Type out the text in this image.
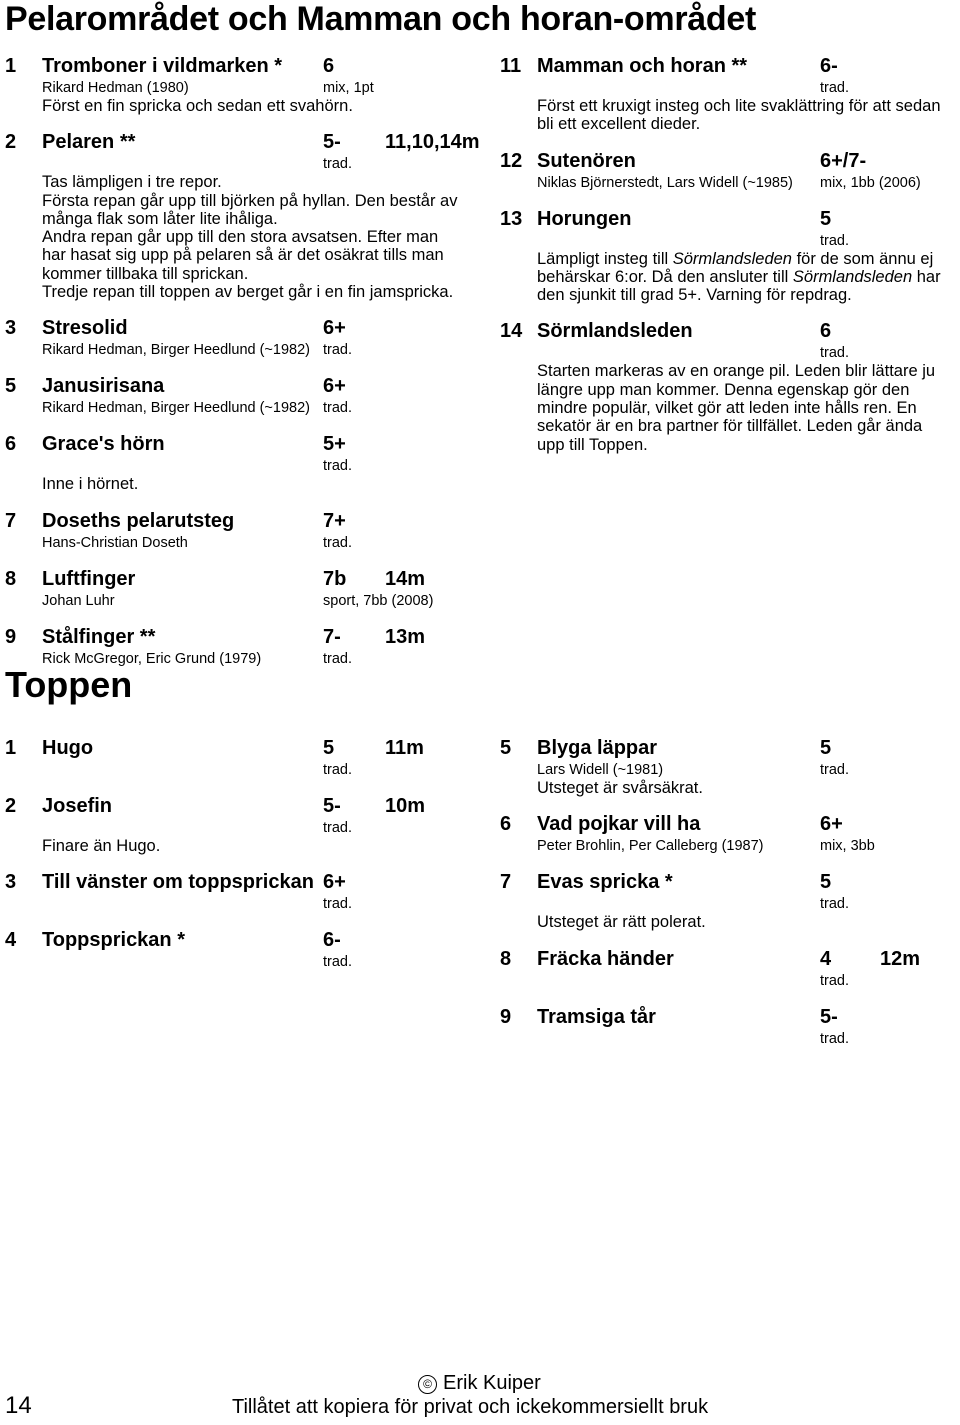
Pelarområdet och Mamman och horan-området
1 Tromboner i vildmarken * 6
Rikard Hedman (1980)	mix, 1pt
Först en fin spricka och sedan ett svahörn.
2 Pelaren **	5- 11,10,14m
trad.
Tas lämpligen i tre repor.
Första repan går upp till björken på hyllan. Den består av många flak som låter lite ihåliga.
Andra repan går upp till den stora avsatsen. Efter man har hasat sig upp på pelaren så är det osäkrat tills man kommer tillbaka till sprickan.
Tredje repan till toppen av berget går i en fin jamspricka.
3 Stresolid	6+
Rikard Hedman, Birger Heedlund (~1982) trad.
5 Janusirisana	6+
Rikard Hedman, Birger Heedlund (~1982) trad.
6 Grace's hörn	5+
trad.
Inne i hörnet.
7 Doseths pelarutsteg	7+
Hans-Christian Doseth	trad.
8 Luftfinger	7b 14m
Johan Luhr	sport, 7bb (2008)
9 Stålfinger **	7- 13m
Rick McGregor, Eric Grund (1979)	trad.
11 Mamman och horan **	6-
trad.
Först ett kruxigt insteg och lite svaklättring för att sedan bli ett excellent dieder.
12 Sutenören	6+/7-
Niklas Björnerstedt, Lars Widell (~1985) mix, 1bb (2006)
13 Horungen	5
trad.
Lämpligt insteg till Sörmlandsleden för de som ännu ej behärskar 6:or. Då den ansluter till Sörmlandsleden har den sjunkit till grad 5+. Varning för repdrag.
14 Sörmlandsleden	6
trad.
Starten markeras av en orange pil. Leden blir lättare ju längre upp man kommer. Denna egenskap gör den mindre populär, vilket gör att leden inte hålls ren. En sekatör är en bra partner för tillfället. Leden går ända upp till Toppen.
Toppen
1 Hugo	5	11m
trad.
2 Josefin	5- 10m
trad.
Finare än Hugo.
3 Till vänster om toppsprickan 6+
trad.
4 Toppsprickan *	6-
trad.
5 Blyga läppar	5
Lars Widell (~1981)	trad.
Utsteget är svårsäkrat.
6 Vad pojkar vill ha	6+
Peter Brohlin, Per Calleberg (1987)	mix, 3bb
7 Evas spricka *	5
trad.
Utsteget är rätt polerat.
8 Fräcka händer	4 12m
trad.
9 Tramsiga tår	5-
trad.
© Erik Kuiper
Tillåtet att kopiera för privat och ickekommersiellt bruk
14
